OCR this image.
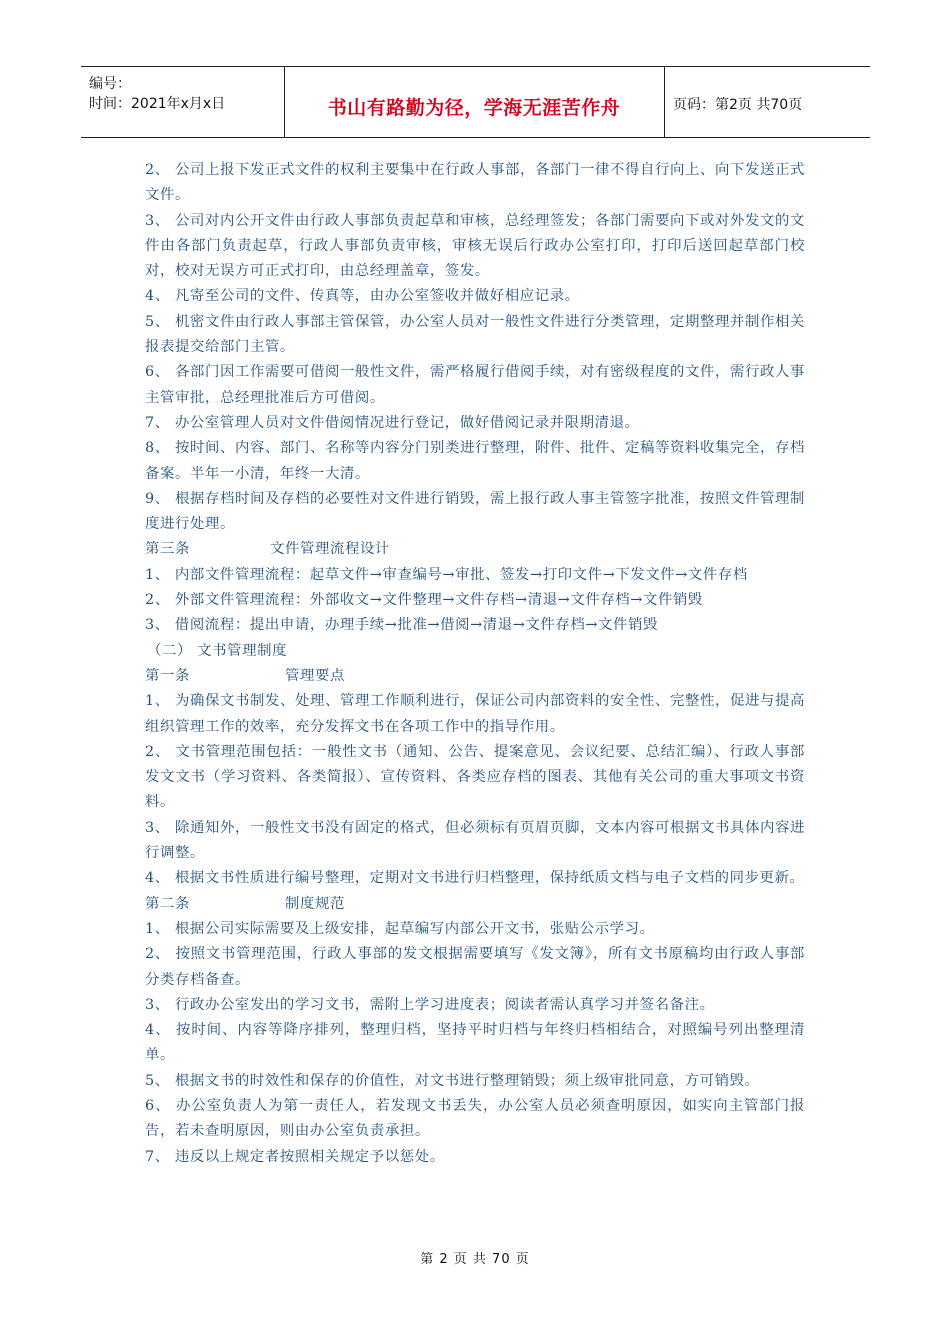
编号：
时间：2021年x月x日	书山有路勤为径，学海无涯苦作舟	页码：第2页 共70页

2、 公司上报下发正式文件的权利主要集中在行政人事部，各部门一律不得自行向上、向下发送正式文件。

3、 公司对内公开文件由行政人事部负责起草和审核，总经理签发；各部门需要向下或对外发文的文件由各部门负责起草，行政人事部负责审核，审核无误后行政办公室打印，打印后送回起草部门校对，校对无误方可正式打印，由总经理盖章，签发。

4、 凡寄至公司的文件、传真等，由办公室签收并做好相应记录。

5、 机密文件由行政人事部主管保管，办公室人员对一般性文件进行分类管理，定期整理并制作相关报表提交给部门主管。

6、 各部门因工作需要可借阅一般性文件，需严格履行借阅手续，对有密级程度的文件，需行政人事主管审批，总经理批准后方可借阅。

7、 办公室管理人员对文件借阅情况进行登记，做好借阅记录并限期清退。

8、 按时间、内容、部门、名称等内容分门别类进行整理，附件、批件、定稿等资料收集完全，存档备案。半年一小清，年终一大清。

9、 根据存档时间及存档的必要性对文件进行销毁，需上报行政人事主管签字批准，按照文件管理制度进行处理。

第三条	文件管理流程设计

1、 内部文件管理流程：起草文件→审查编号→审批、签发→打印文件→下发文件→文件存档

2、 外部文件管理流程：外部收文→文件整理→文件存档→清退→文件存档→文件销毁

3、 借阅流程：提出申请，办理手续→批准→借阅→清退→文件存档→文件销毁

（二） 文书管理制度

第一条	管理要点

1、 为确保文书制发、处理、管理工作顺利进行，保证公司内部资料的安全性、完整性，促进与提高组织管理工作的效率，充分发挥文书在各项工作中的指导作用。

2、 文书管理范围包括：一般性文书（通知、公告、提案意见、会议纪要、总结汇编）、行政人事部发文文书（学习资料、各类简报）、宣传资料、各类应存档的图表、其他有关公司的重大事项文书资料。

3、 除通知外，一般性文书没有固定的格式，但必须标有页眉页脚，文本内容可根据文书具体内容进行调整。

4、 根据文书性质进行编号整理，定期对文书进行归档整理，保持纸质文档与电子文档的同步更新。

第二条	制度规范

1、 根据公司实际需要及上级安排，起草编写内部公开文书，张贴公示学习。

2、 按照文书管理范围，行政人事部的发文根据需要填写《发文簿》，所有文书原稿均由行政人事部分类存档备查。

3、 行政办公室发出的学习文书，需附上学习进度表；阅读者需认真学习并签名备注。

4、 按时间、内容等降序排列，整理归档，坚持平时归档与年终归档相结合，对照编号列出整理清单。

5、 根据文书的时效性和保存的价值性，对文书进行整理销毁；须上级审批同意，方可销毁。

6、 办公室负责人为第一责任人，若发现文书丢失，办公室人员必须查明原因，如实向主管部门报告，若未查明原因，则由办公室负责承担。

7、 违反以上规定者按照相关规定予以惩处。

第 2 页 共 70 页
